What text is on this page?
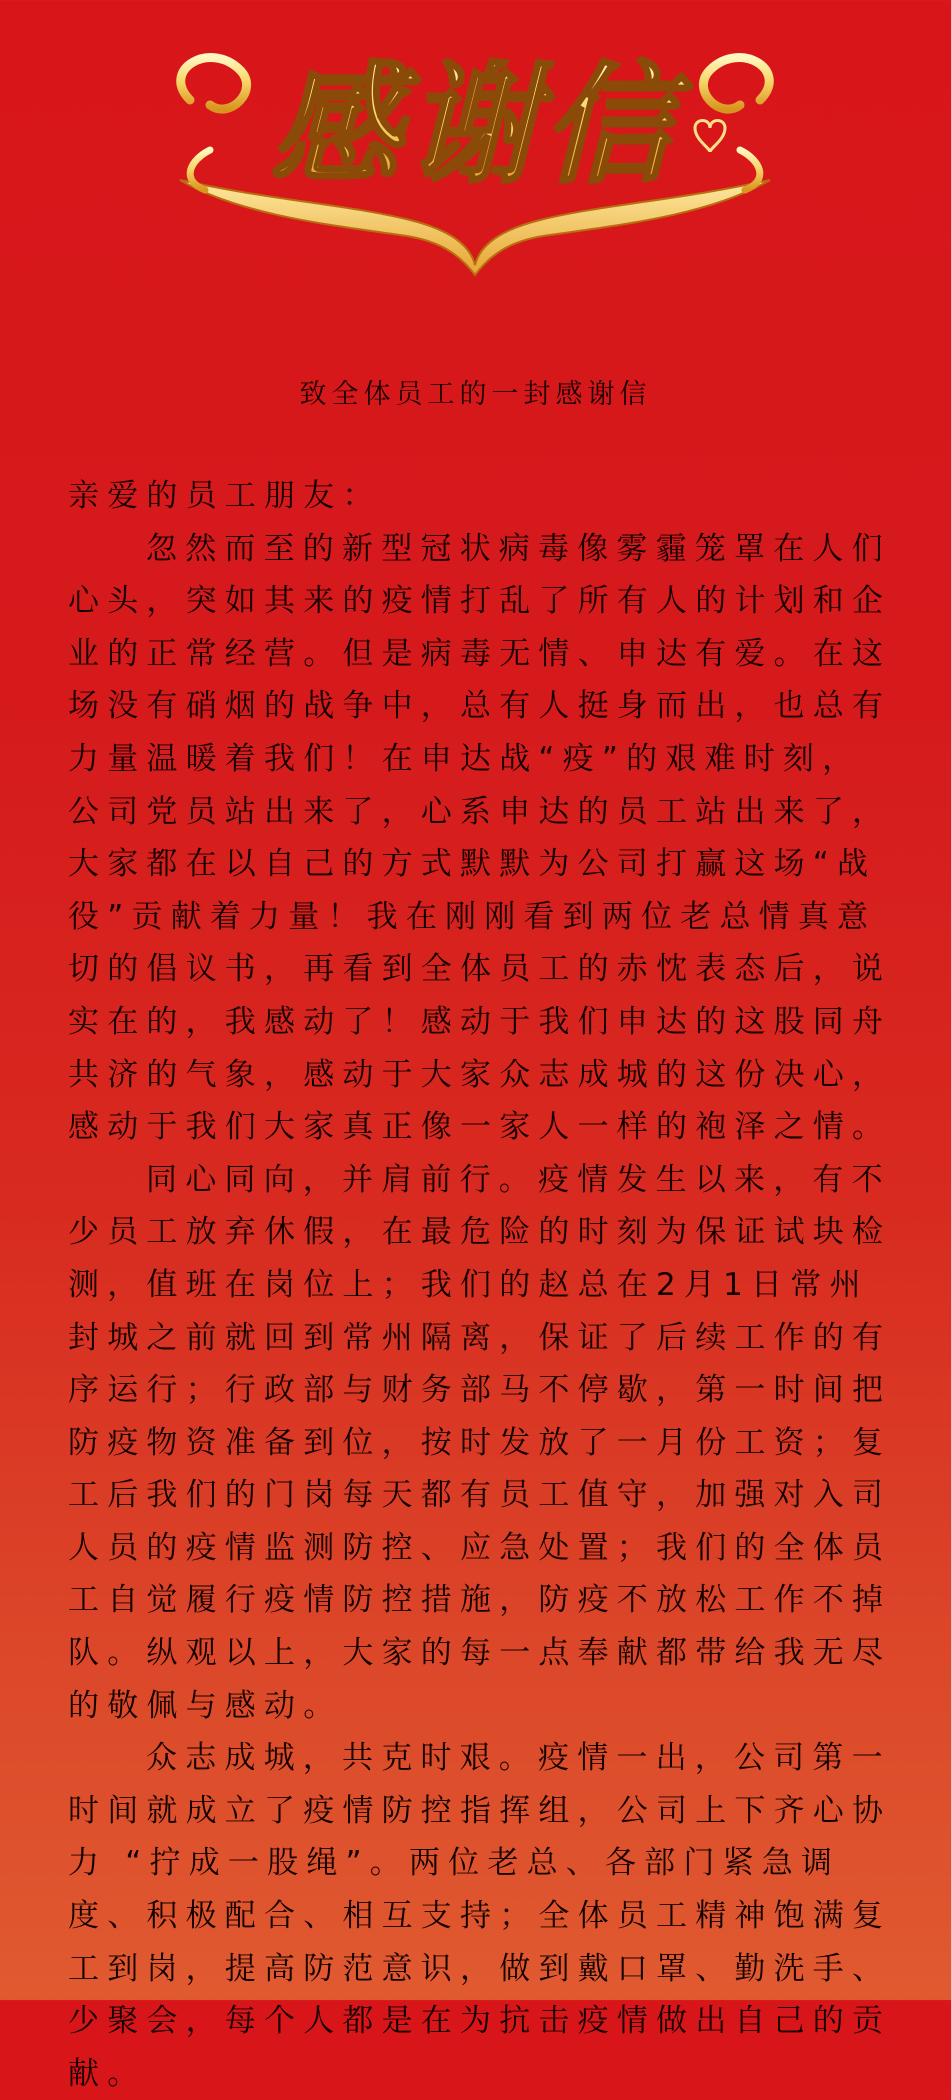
感谢信
致全体员工的一封感谢信

亲爱的员工朋友：

忽然而至的新型冠状病毒像雾霾笼罩在人们心头，突如其来的疫情打乱了所有人的计划和企业的正常经营。但是病毒无情、申达有爱。在这场没有硝烟的战争中，总有人挺身而出，也总有力量温暖着我们！在申达战“疫”的艰难时刻，公司党员站出来了，心系申达的员工站出来了，大家都在以自己的方式默默为公司打赢这场“战役”贡献着力量！我在刚刚看到两位老总情真意切的倡议书，再看到全体员工的赤忱表态后，说实在的，我感动了！感动于我们申达的这股同舟共济的气象，感动于大家众志成城的这份决心，感动于我们大家真正像一家人一样的袍泽之情。

同心同向，并肩前行。疫情发生以来，有不少员工放弃休假，在最危险的时刻为保证试块检测，值班在岗位上；我们的赵总在2月1日常州封城之前就回到常州隔离，保证了后续工作的有序运行；行政部与财务部马不停歇，第一时间把防疫物资准备到位，按时发放了一月份工资；复工后我们的门岗每天都有员工值守，加强对入司人员的疫情监测防控、应急处置；我们的全体员工自觉履行疫情防控措施，防疫不放松工作不掉队。纵观以上，大家的每一点奉献都带给我无尽的敬佩与感动。

众志成城，共克时艰。疫情一出，公司第一时间就成立了疫情防控指挥组，公司上下齐心协力 “拧成一股绳”。两位老总、各部门紧急调度、积极配合、相互支持；全体员工精神饱满复工到岗，提高防范意识，做到戴口罩、勤洗手、少聚会，每个人都是在为抗击疫情做出自己的贡献。
